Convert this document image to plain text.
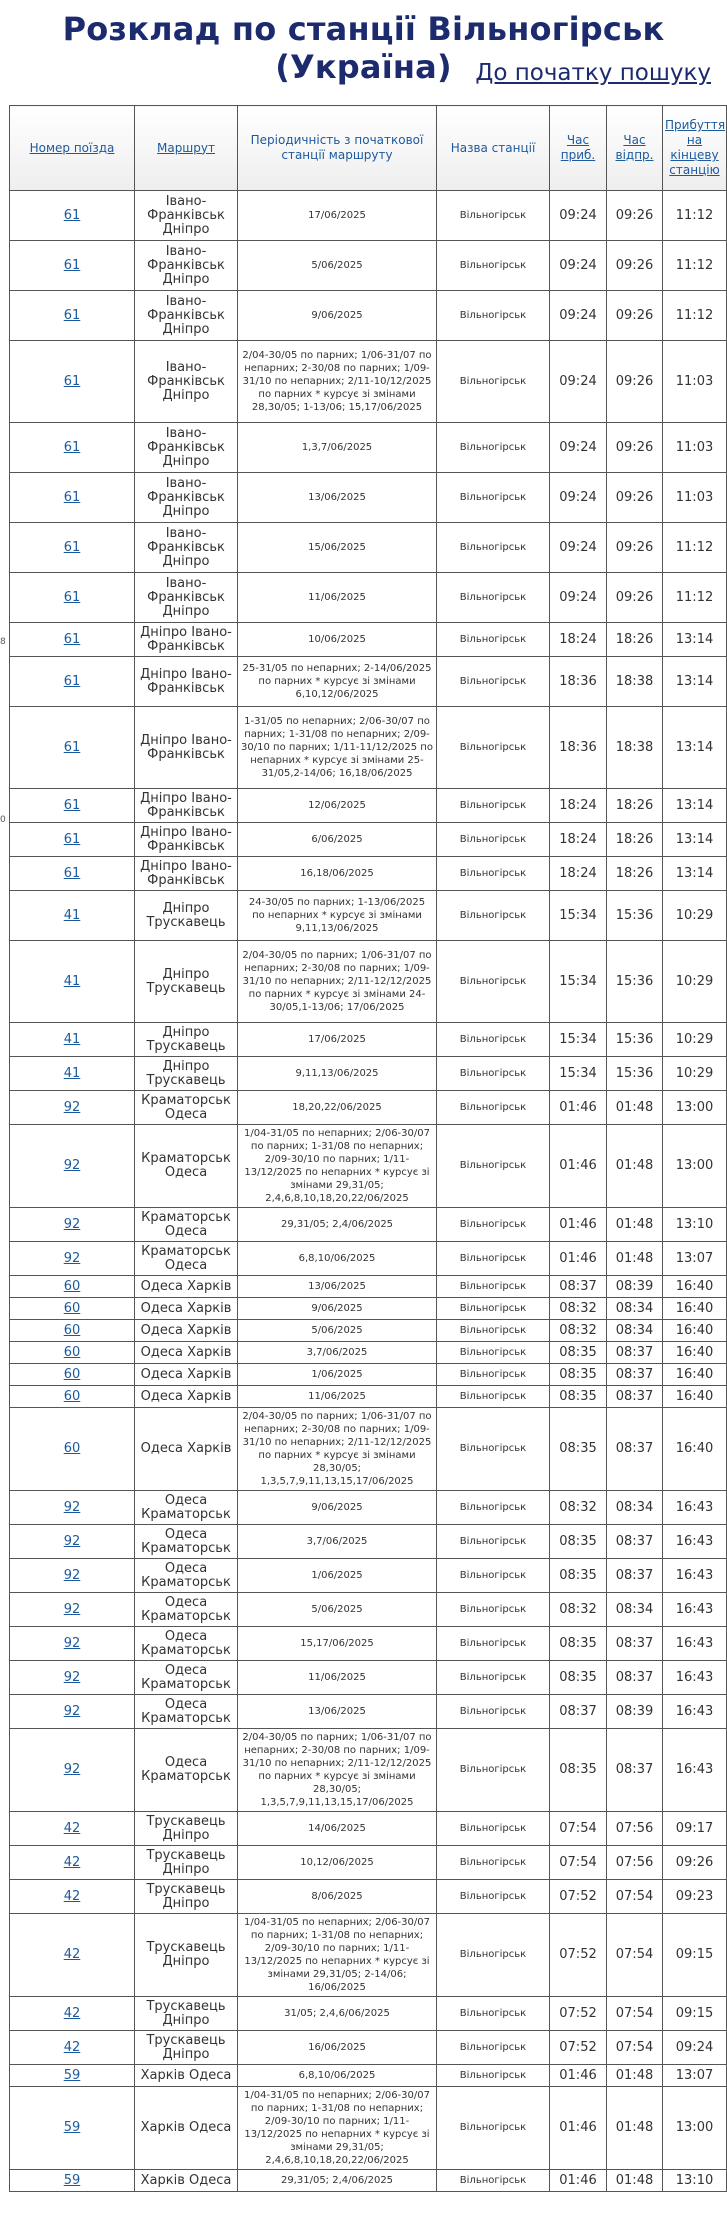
Розклад по станції Вільногірськ (Україна)	До початку пошуку
8
0
Номер поїзда	Маршрут	Періодичність з початкової станції маршруту	Назва станції	Час приб.	Час відпр.	Прибуття на кінцеву станцію
61	Івано-Франківськ Дніпро	17/06/2025	Вільногірськ	09:24	09:26	11:12
61	Івано-Франківськ Дніпро	5/06/2025	Вільногірськ	09:24	09:26	11:12
61	Івано-Франківськ Дніпро	9/06/2025	Вільногірськ	09:24	09:26	11:12
61	Івано-Франківськ Дніпро	2/04-30/05 по парних; 1/06-31/07 по непарних; 2-30/08 по парних; 1/09-31/10 по непарних; 2/11-10/12/2025 по парних * курсує зі змінами 28,30/05; 1-13/06; 15,17/06/2025	Вільногірськ	09:24	09:26	11:03
61	Івано-Франківськ Дніпро	1,3,7/06/2025	Вільногірськ	09:24	09:26	11:03
61	Івано-Франківськ Дніпро	13/06/2025	Вільногірськ	09:24	09:26	11:03
61	Івано-Франківськ Дніпро	15/06/2025	Вільногірськ	09:24	09:26	11:12
61	Івано-Франківськ Дніпро	11/06/2025	Вільногірськ	09:24	09:26	11:12
61	Дніпро Івано-Франківськ	10/06/2025	Вільногірськ	18:24	18:26	13:14
61	Дніпро Івано-Франківськ	25-31/05 по непарних; 2-14/06/2025 по парних * курсує зі змінами 6,10,12/06/2025	Вільногірськ	18:36	18:38	13:14
61	Дніпро Івано-Франківськ	1-31/05 по непарних; 2/06-30/07 по парних; 1-31/08 по непарних; 2/09-30/10 по парних; 1/11-11/12/2025 по непарних * курсує зі змінами 25-31/05,2-14/06; 16,18/06/2025	Вільногірськ	18:36	18:38	13:14
61	Дніпро Івано-Франківськ	12/06/2025	Вільногірськ	18:24	18:26	13:14
61	Дніпро Івано-Франківськ	6/06/2025	Вільногірськ	18:24	18:26	13:14
61	Дніпро Івано-Франківськ	16,18/06/2025	Вільногірськ	18:24	18:26	13:14
41	Дніпро Трускавець	24-30/05 по парних; 1-13/06/2025 по непарних * курсує зі змінами 9,11,13/06/2025	Вільногірськ	15:34	15:36	10:29
41	Дніпро Трускавець	2/04-30/05 по парних; 1/06-31/07 по непарних; 2-30/08 по парних; 1/09-31/10 по непарних; 2/11-12/12/2025 по парних * курсує зі змінами 24-30/05,1-13/06; 17/06/2025	Вільногірськ	15:34	15:36	10:29
41	Дніпро Трускавець	17/06/2025	Вільногірськ	15:34	15:36	10:29
41	Дніпро Трускавець	9,11,13/06/2025	Вільногірськ	15:34	15:36	10:29
92	Краматорськ Одеса	18,20,22/06/2025	Вільногірськ	01:46	01:48	13:00
92	Краматорськ Одеса	1/04-31/05 по непарних; 2/06-30/07 по парних; 1-31/08 по непарних; 2/09-30/10 по парних; 1/11-13/12/2025 по непарних * курсує зі змінами 29,31/05; 2,4,6,8,10,18,20,22/06/2025	Вільногірськ	01:46	01:48	13:00
92	Краматорськ Одеса	29,31/05; 2,4/06/2025	Вільногірськ	01:46	01:48	13:10
92	Краматорськ Одеса	6,8,10/06/2025	Вільногірськ	01:46	01:48	13:07
60	Одеса Харків	13/06/2025	Вільногірськ	08:37	08:39	16:40
60	Одеса Харків	9/06/2025	Вільногірськ	08:32	08:34	16:40
60	Одеса Харків	5/06/2025	Вільногірськ	08:32	08:34	16:40
60	Одеса Харків	3,7/06/2025	Вільногірськ	08:35	08:37	16:40
60	Одеса Харків	1/06/2025	Вільногірськ	08:35	08:37	16:40
60	Одеса Харків	11/06/2025	Вільногірськ	08:35	08:37	16:40
60	Одеса Харків	2/04-30/05 по парних; 1/06-31/07 по непарних; 2-30/08 по парних; 1/09-31/10 по непарних; 2/11-12/12/2025 по парних * курсує зі змінами 28,30/05; 1,3,5,7,9,11,13,15,17/06/2025	Вільногірськ	08:35	08:37	16:40
92	Одеса Краматорськ	9/06/2025	Вільногірськ	08:32	08:34	16:43
92	Одеса Краматорськ	3,7/06/2025	Вільногірськ	08:35	08:37	16:43
92	Одеса Краматорськ	1/06/2025	Вільногірськ	08:35	08:37	16:43
92	Одеса Краматорськ	5/06/2025	Вільногірськ	08:32	08:34	16:43
92	Одеса Краматорськ	15,17/06/2025	Вільногірськ	08:35	08:37	16:43
92	Одеса Краматорськ	11/06/2025	Вільногірськ	08:35	08:37	16:43
92	Одеса Краматорськ	13/06/2025	Вільногірськ	08:37	08:39	16:43
92	Одеса Краматорськ	2/04-30/05 по парних; 1/06-31/07 по непарних; 2-30/08 по парних; 1/09-31/10 по непарних; 2/11-12/12/2025 по парних * курсує зі змінами 28,30/05; 1,3,5,7,9,11,13,15,17/06/2025	Вільногірськ	08:35	08:37	16:43
42	Трускавець Дніпро	14/06/2025	Вільногірськ	07:54	07:56	09:17
42	Трускавець Дніпро	10,12/06/2025	Вільногірськ	07:54	07:56	09:26
42	Трускавець Дніпро	8/06/2025	Вільногірськ	07:52	07:54	09:23
42	Трускавець Дніпро	1/04-31/05 по непарних; 2/06-30/07 по парних; 1-31/08 по непарних; 2/09-30/10 по парних; 1/11-13/12/2025 по непарних * курсує зі змінами 29,31/05; 2-14/06; 16/06/2025	Вільногірськ	07:52	07:54	09:15
42	Трускавець Дніпро	31/05; 2,4,6/06/2025	Вільногірськ	07:52	07:54	09:15
42	Трускавець Дніпро	16/06/2025	Вільногірськ	07:52	07:54	09:24
59	Харків Одеса	6,8,10/06/2025	Вільногірськ	01:46	01:48	13:07
59	Харків Одеса	1/04-31/05 по непарних; 2/06-30/07 по парних; 1-31/08 по непарних; 2/09-30/10 по парних; 1/11-13/12/2025 по непарних * курсує зі змінами 29,31/05; 2,4,6,8,10,18,20,22/06/2025	Вільногірськ	01:46	01:48	13:00
59	Харків Одеса	29,31/05; 2,4/06/2025	Вільногірськ	01:46	01:48	13:10
